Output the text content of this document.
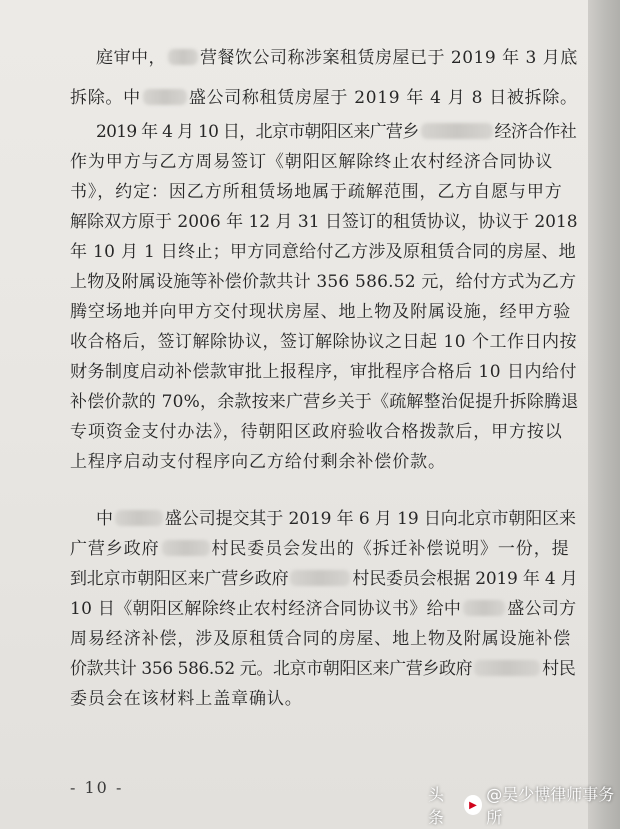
庭审中， 营餐饮公司称涉案租赁房屋已于 2019 年 3 月底
拆除。中	盛公司称租赁房屋于 2019 年 4 月 8 日被拆除。
2019 年 4 月 10 日，北京市朝阳区来广营乡	经济合作社
作为甲方与乙方周易签订《朝阳区解除终止农村经济合同协议
书》，约定：因乙方所租赁场地属于疏解范围，乙方自愿与甲方
解除双方原于 2006 年 12 月 31 日签订的租赁协议，协议于 2018
年 10 月 1 日终止；甲方同意给付乙方涉及原租赁合同的房屋、地
上物及附属设施等补偿价款共计 356 586.52 元，给付方式为乙方
腾空场地并向甲方交付现状房屋、地上物及附属设施，经甲方验
收合格后，签订解除协议，签订解除协议之日起 10 个工作日内按
财务制度启动补偿款审批上报程序，审批程序合格后 10 日内给付
补偿价款的 70%，余款按来广营乡关于《疏解整治促提升拆除腾退
专项资金支付办法》，待朝阳区政府验收合格拨款后，甲方按以
上程序启动支付程序向乙方给付剩余补偿价款。
中	盛公司提交其于 2019 年 6 月 19 日向北京市朝阳区来
广营乡政府	村民委员会发出的《拆迁补偿说明》一份，提
到北京市朝阳区来广营乡政府	村民委员会根据 2019 年 4 月
10 日《朝阳区解除终止农村经济合同协议书》给中	盛公司方
周易经济补偿，涉及原租赁合同的房屋、地上物及附属设施补偿
价款共计 356 586.52 元。北京市朝阳区来广营乡政府	村民
委员会在该材料上盖章确认。
- 10 -	头条
▶
@吴少博律师事务所
